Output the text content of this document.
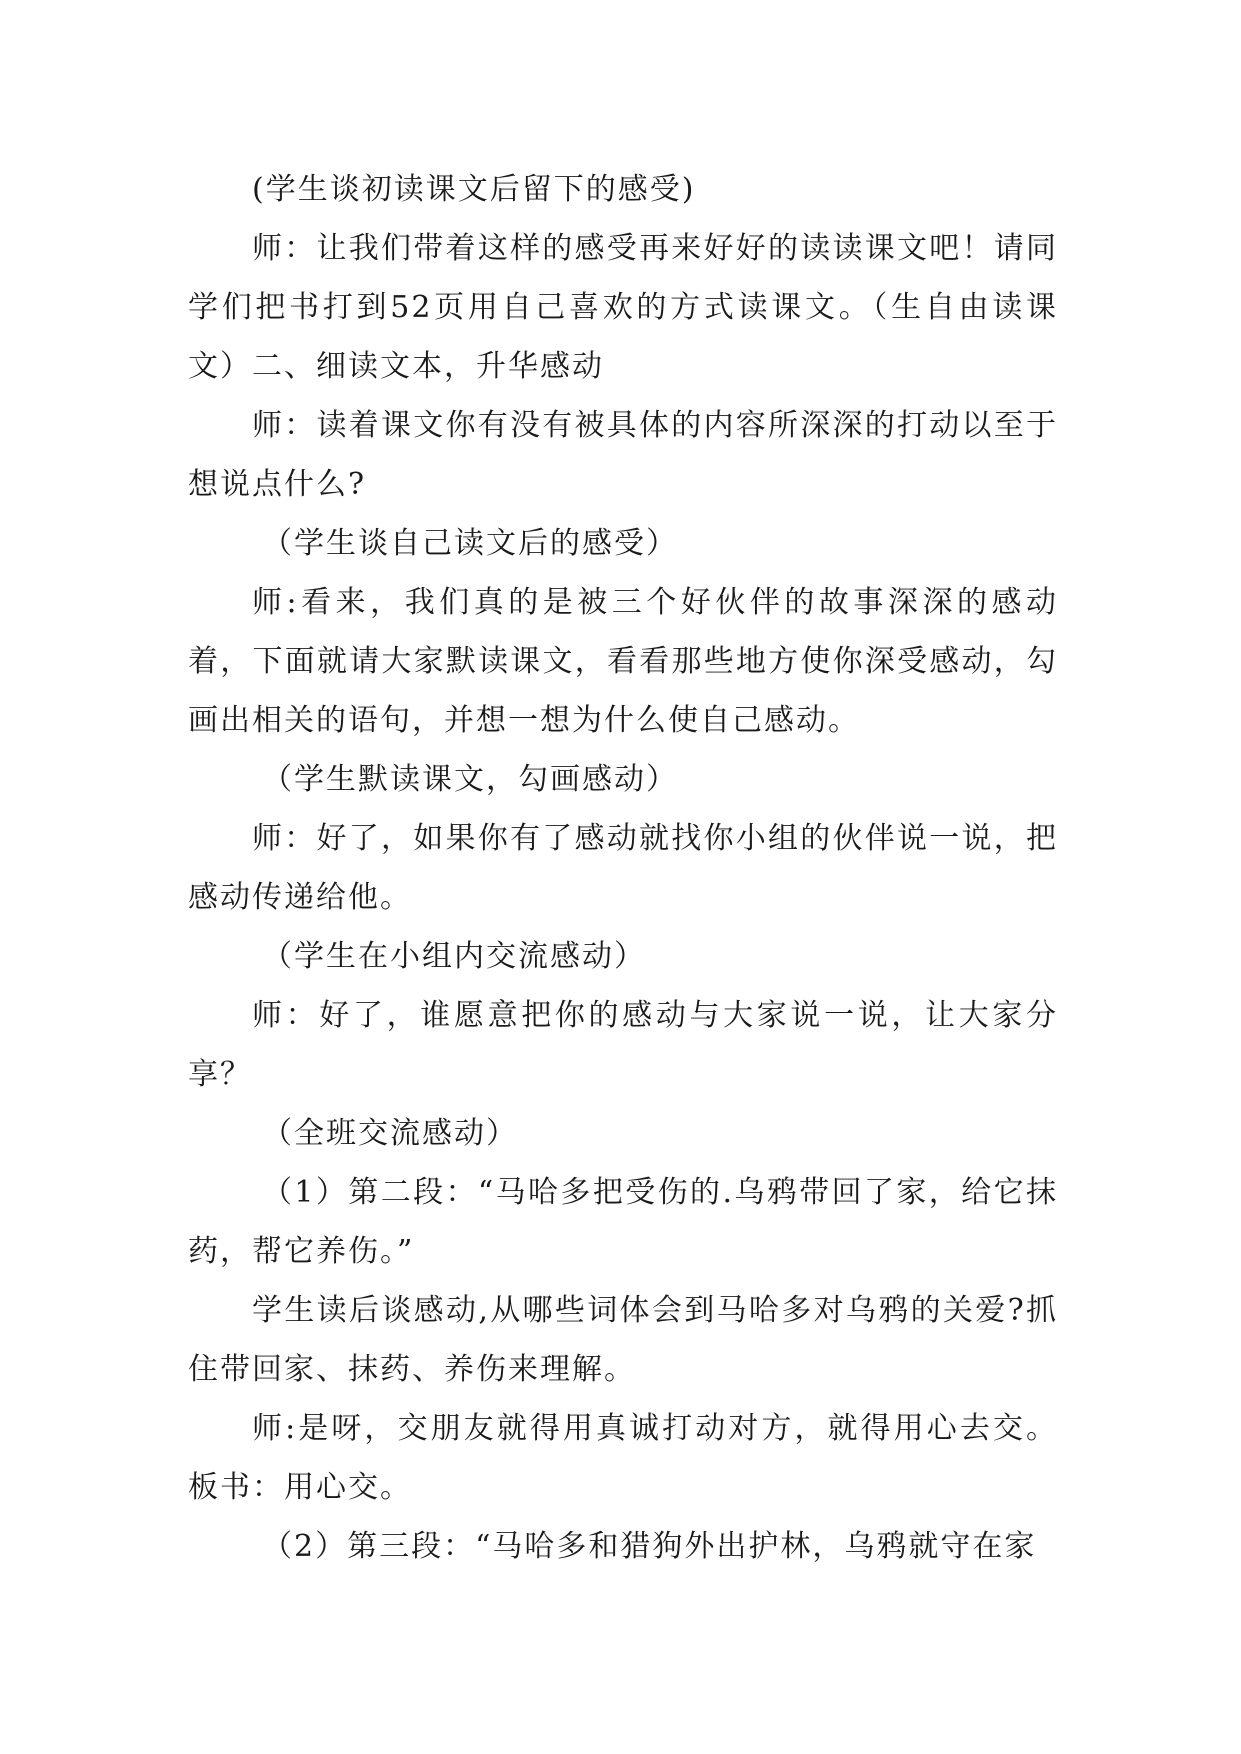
(学生谈初读课文后留下的感受)

师：让我们带着这样的感受再来好好的读读课文吧！请同学们把书打到52页用自己喜欢的方式读课文。（生自由读课文）二、细读文本，升华感动

师：读着课文你有没有被具体的内容所深深的打动以至于想说点什么?

（学生谈自己读文后的感受）

师:看来，我们真的是被三个好伙伴的故事深深的感动着，下面就请大家默读课文，看看那些地方使你深受感动，勾画出相关的语句，并想一想为什么使自己感动。

（学生默读课文，勾画感动）

师：好了，如果你有了感动就找你小组的伙伴说一说，把感动传递给他。

（学生在小组内交流感动）

师：好了，谁愿意把你的感动与大家说一说，让大家分享？

（全班交流感动）

（1）第二段：“马哈多把受伤的.乌鸦带回了家，给它抹药，帮它养伤。”

学生读后谈感动,从哪些词体会到马哈多对乌鸦的关爱?抓住带回家、抹药、养伤来理解。

师:是呀，交朋友就得用真诚打动对方，就得用心去交。板书：用心交。

（2）第三段：“马哈多和猎狗外出护林，乌鸦就守在家
